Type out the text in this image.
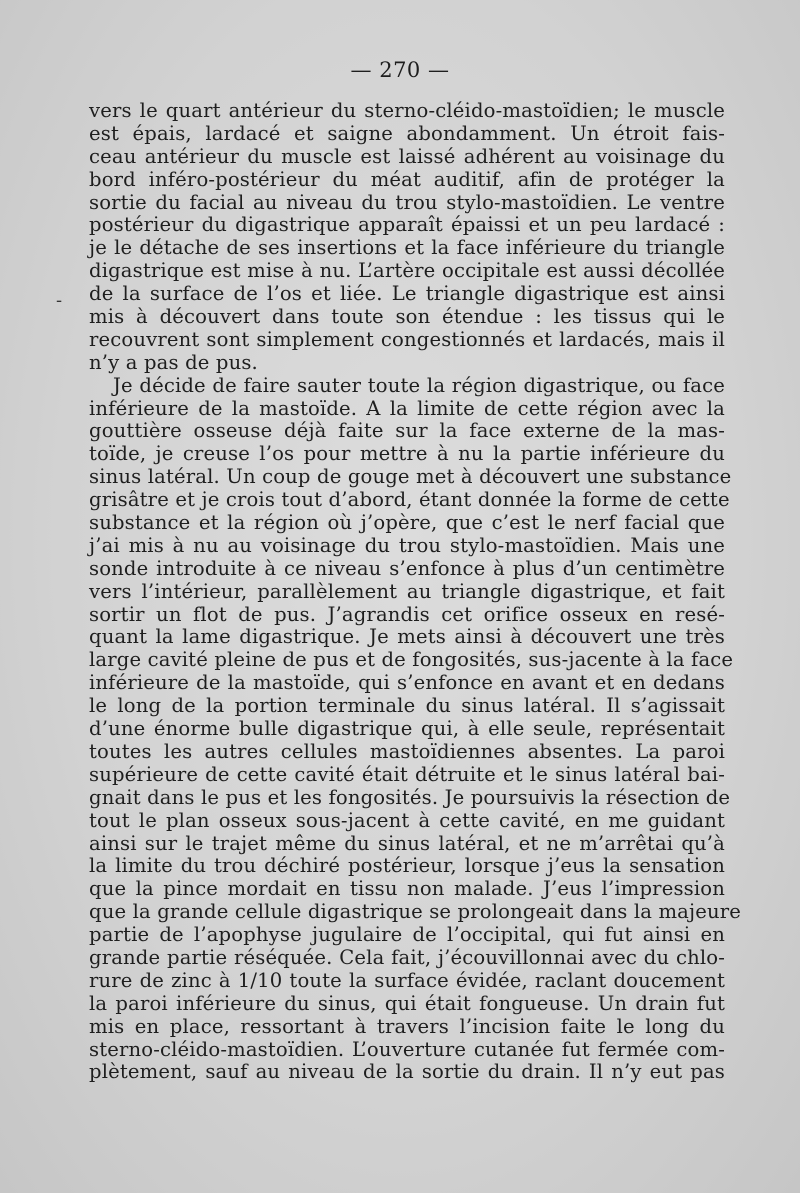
— 270 —
-
vers le quart antérieur du sterno-cléido-mastoïdien; le muscle
est épais, lardacé et saigne abondamment. Un étroit fais-
ceau antérieur du muscle est laissé adhérent au voisinage du
bord inféro-postérieur du méat auditif, afin de protéger la
sortie du facial au niveau du trou stylo-mastoïdien. Le ventre
postérieur du digastrique apparaît épaissi et un peu lardacé :
je le détache de ses insertions et la face inférieure du triangle
digastrique est mise à nu. L’artère occipitale est aussi décollée
de la surface de l’os et liée. Le triangle digastrique est ainsi
mis à découvert dans toute son étendue : les tissus qui le
recouvrent sont simplement congestionnés et lardacés, mais il
n’y a pas de pus.
Je décide de faire sauter toute la région digastrique, ou face
inférieure de la mastoïde. A la limite de cette région avec la
gouttière osseuse déjà faite sur la face externe de la mas-
toïde, je creuse l’os pour mettre à nu la partie inférieure du
sinus latéral. Un coup de gouge met à découvert une substance
grisâtre et je crois tout d’abord, étant donnée la forme de cette
substance et la région où j’opère, que c’est le nerf facial que
j’ai mis à nu au voisinage du trou stylo-mastoïdien. Mais une
sonde introduite à ce niveau s’enfonce à plus d’un centimètre
vers l’intérieur, parallèlement au triangle digastrique, et fait
sortir un flot de pus. J’agrandis cet orifice osseux en resé-
quant la lame digastrique. Je mets ainsi à découvert une très
large cavité pleine de pus et de fongosités, sus-jacente à la face
inférieure de la mastoïde, qui s’enfonce en avant et en dedans
le long de la portion terminale du sinus latéral. Il s’agissait
d’une énorme bulle digastrique qui, à elle seule, représentait
toutes les autres cellules mastoïdiennes absentes. La paroi
supérieure de cette cavité était détruite et le sinus latéral bai-
gnait dans le pus et les fongosités. Je poursuivis la résection de
tout le plan osseux sous-jacent à cette cavité, en me guidant
ainsi sur le trajet même du sinus latéral, et ne m’arrêtai qu’à
la limite du trou déchiré postérieur, lorsque j’eus la sensation
que la pince mordait en tissu non malade. J’eus l’impression
que la grande cellule digastrique se prolongeait dans la majeure
partie de l’apophyse jugulaire de l’occipital, qui fut ainsi en
grande partie réséquée. Cela fait, j’écouvillonnai avec du chlo-
rure de zinc à 1/10 toute la surface évidée, raclant doucement
la paroi inférieure du sinus, qui était fongueuse. Un drain fut
mis en place, ressortant à travers l’incision faite le long du
sterno-cléido-mastoïdien. L’ouverture cutanée fut fermée com-
plètement, sauf au niveau de la sortie du drain. Il n’y eut pas
